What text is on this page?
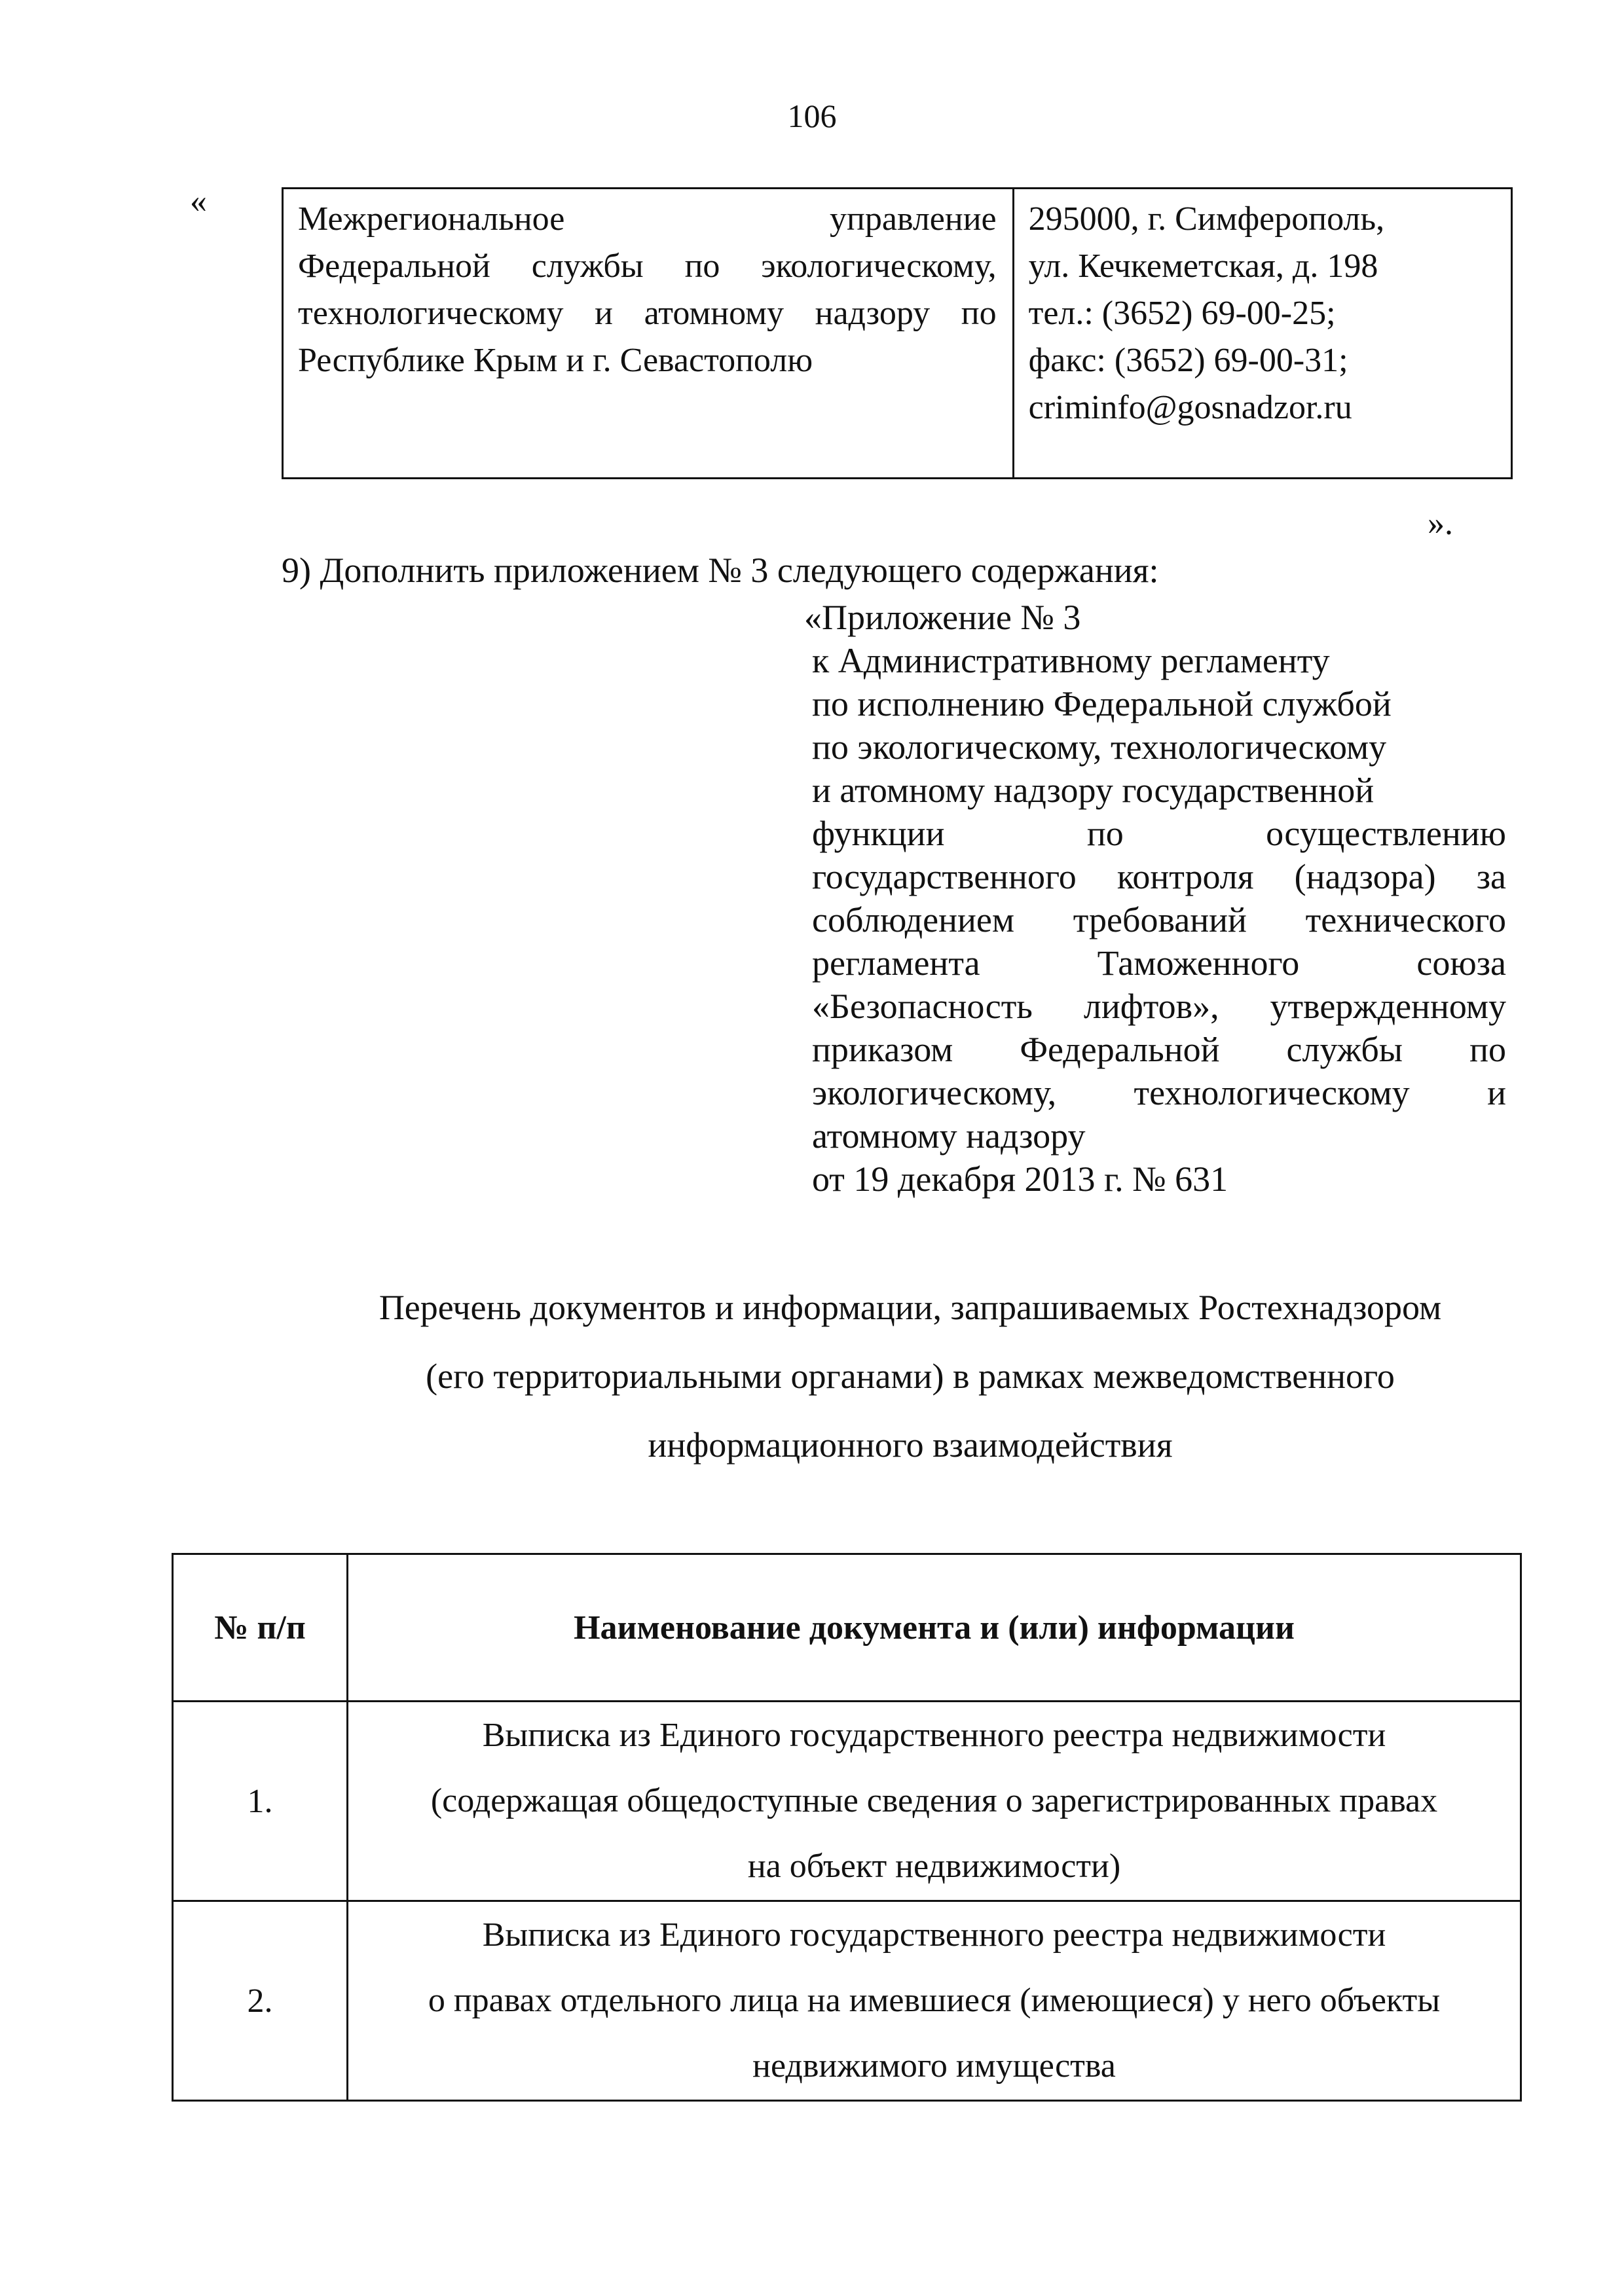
106
«	Межрегиональное управление
Федеральной службы по экологическому,
технологическому и атомному надзору по
Республике Крым и г. Севастополю

295000, г. Симферополь,
ул. Кечкеметская, д. 198
тел.: (3652) 69-00-25;
факс: (3652) 69-00-31;
criminfo@gosnadzor.ru
».
9) Дополнить приложением № 3 следующего содержания:
«Приложение № 3
к Административному регламенту
по исполнению Федеральной службой
по экологическому, технологическому
и атомному надзору государственной
функции по осуществлению
государственного контроля (надзора) за
соблюдением требований технического
регламента Таможенного союза
«Безопасность лифтов», утвержденному
приказом Федеральной службы по
экологическому, технологическому и
атомному надзору
от 19 декабря 2013 г. № 631
Перечень документов и информации, запрашиваемых Ростехнадзором
(его территориальными органами) в рамках межведомственного
информационного взаимодействия
№ п/п	Наименование документа и (или) информации
1.	Выписка из Единого государственного реестра недвижимости
(содержащая общедоступные сведения о зарегистрированных правах
на объект недвижимости)

2.	Выписка из Единого государственного реестра недвижимости
о правах отдельного лица на имевшиеся (имеющиеся) у него объекты
недвижимого имущества
